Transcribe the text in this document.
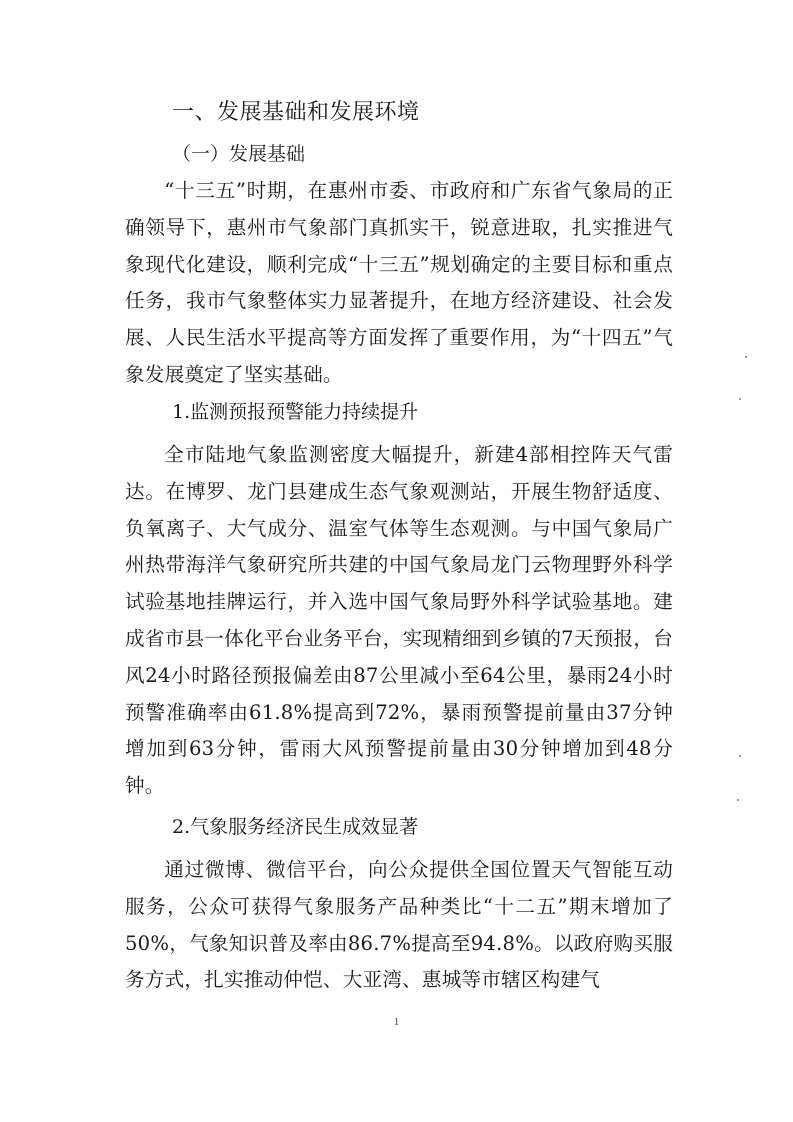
一、发展基础和发展环境
（一）发展基础

“十三五”时期，在惠州市委、市政府和广东省气象局的正确领导下，惠州市气象部门真抓实干，锐意进取，扎实推进气象现代化建设，顺利完成“十三五”规划确定的主要目标和重点任务，我市气象整体实力显著提升，在地方经济建设、社会发展、人民生活水平提高等方面发挥了重要作用，为“十四五”气象发展奠定了坚实基础。

1.监测预报预警能力持续提升

全市陆地气象监测密度大幅提升，新建4部相控阵天气雷达。在博罗、龙门县建成生态气象观测站，开展生物舒适度、负氧离子、大气成分、温室气体等生态观测。与中国气象局广州热带海洋气象研究所共建的中国气象局龙门云物理野外科学试验基地挂牌运行，并入选中国气象局野外科学试验基地。建成省市县一体化平台业务平台，实现精细到乡镇的7天预报，台风24小时路径预报偏差由87公里减小至64公里，暴雨24小时预警准确率由61.8%提高到72%，暴雨预警提前量由37分钟增加到63分钟，雷雨大风预警提前量由30分钟增加到48分钟。

2.气象服务经济民生成效显著

通过微博、微信平台，向公众提供全国位置天气智能互动服务，公众可获得气象服务产品种类比“十二五”期末增加了50%，气象知识普及率由86.7%提高至94.8%。以政府购买服务方式，扎实推动仲恺、大亚湾、惠城等市辖区构建气

1
